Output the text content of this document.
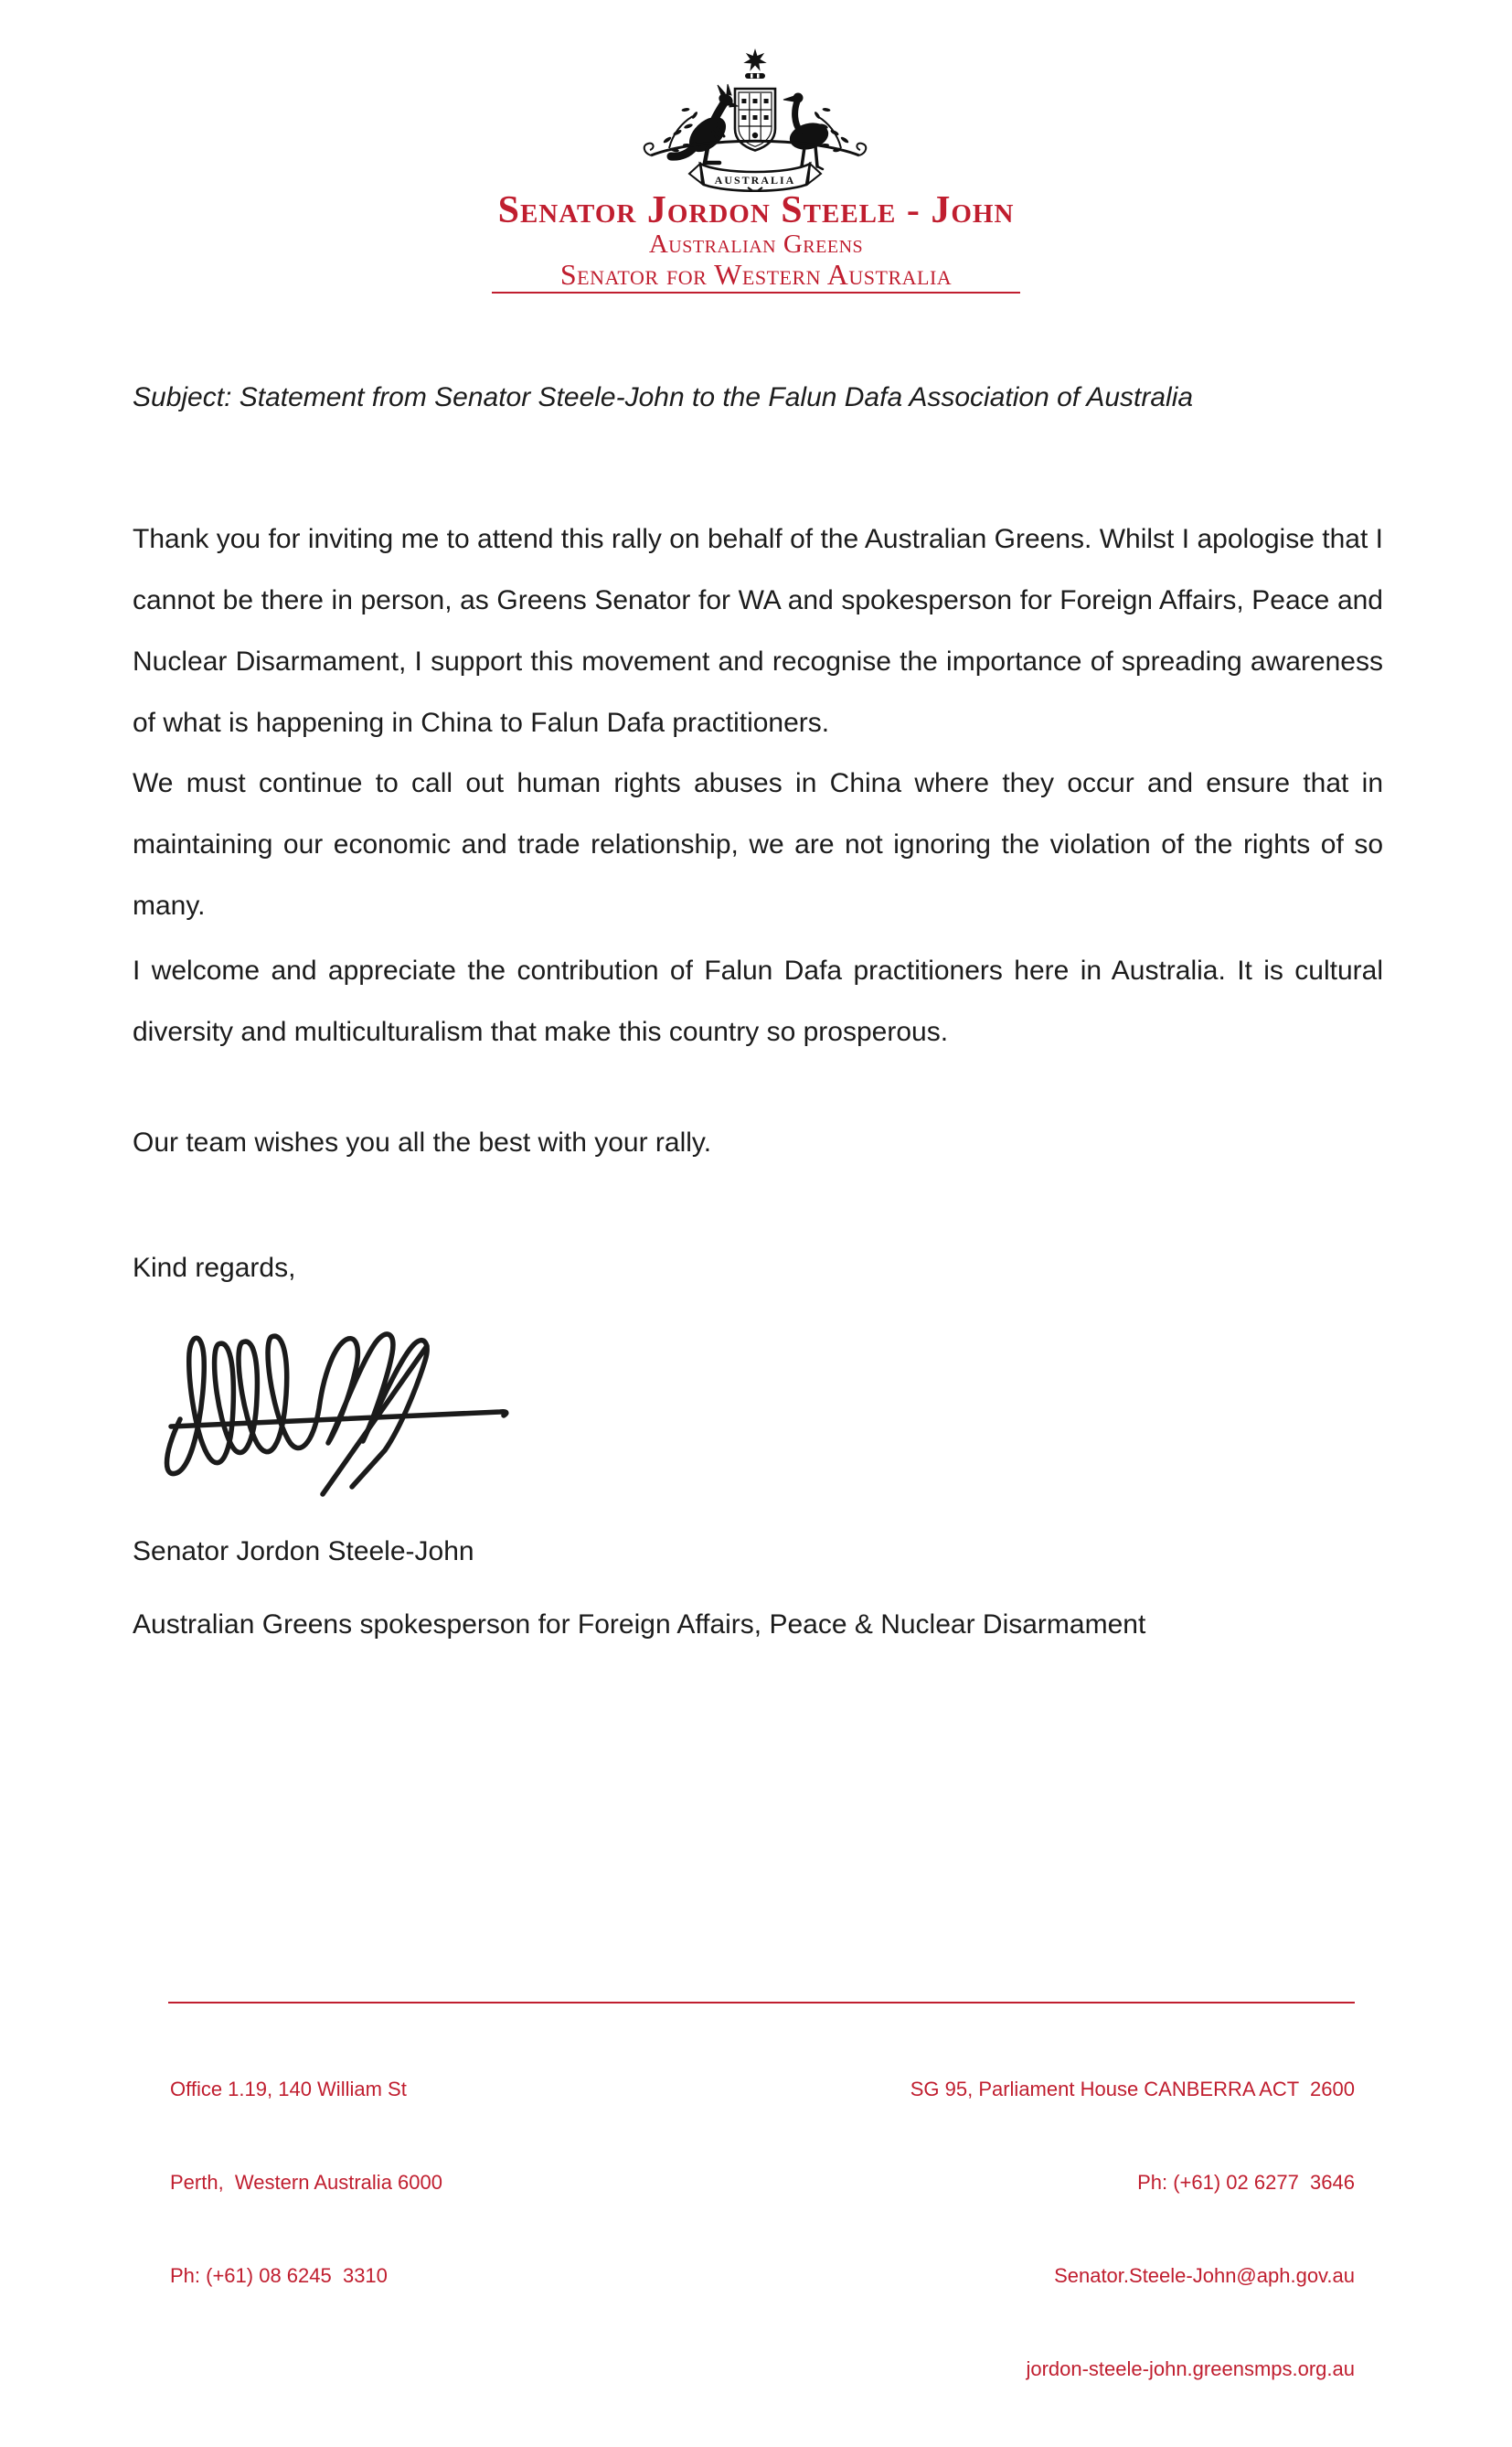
AUSTRALIA
Senator Jordon Steele - John
Australian Greens
Senator for Western Australia

Subject: Statement from Senator Steele-John to the Falun Dafa Association of Australia

Thank you for inviting me to attend this rally on behalf of the Australian Greens. Whilst I apologise that I cannot be there in person, as Greens Senator for WA and spokesperson for Foreign Affairs, Peace and Nuclear Disarmament, I support this movement and recognise the importance of spreading awareness of what is happening in China to Falun Dafa practitioners.

We must continue to call out human rights abuses in China where they occur and ensure that in maintaining our economic and trade relationship, we are not ignoring the violation of the rights of so many.

I welcome and appreciate the contribution of Falun Dafa practitioners here in Australia. It is cultural diversity and multiculturalism that make this country so prosperous.

Our team wishes you all the best with your rally.

Kind regards,

Senator Jordon Steele-John

Australian Greens spokesperson for Foreign Affairs, Peace & Nuclear Disarmament

Office 1.19, 140 William St

Perth,  Western Australia 6000

Ph: (+61) 08 6245  3310

SG 95, Parliament House CANBERRA ACT  2600

Ph: (+61) 02 6277  3646

Senator.Steele-John@aph.gov.au

jordon-steele-john.greensmps.org.au
